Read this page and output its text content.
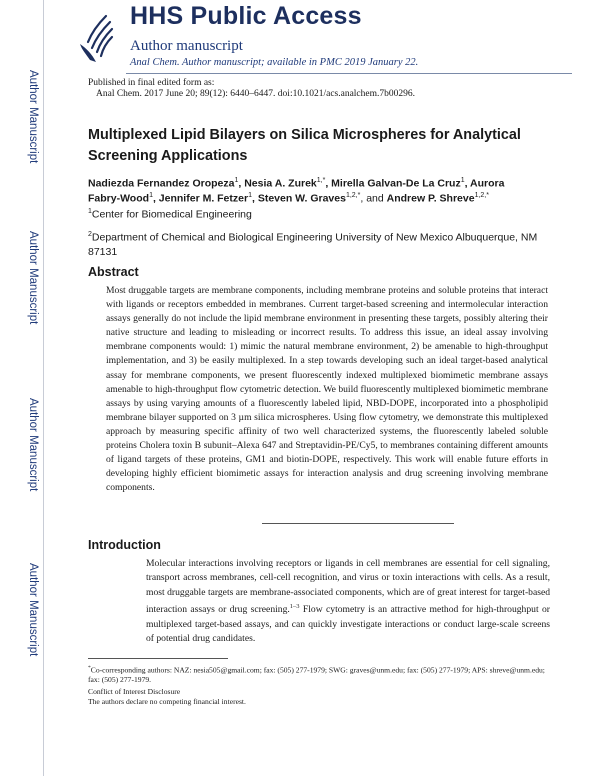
Author Manuscript
Author Manuscript
Author Manuscript
Author Manuscript
HHS Public Access
Author manuscript
Anal Chem. Author manuscript; available in PMC 2019 January 22.
Published in final edited form as:
Anal Chem. 2017 June 20; 89(12): 6440–6447. doi:10.1021/acs.analchem.7b00296.
Multiplexed Lipid Bilayers on Silica Microspheres for Analytical Screening Applications
Nadiezda Fernandez Oropeza$^1$, Nesia A. Zurek$^{1,*}$, Mirella Galvan-De La Cruz$^1$, Aurora
Fabry-Wood$^1$, Jennifer M. Fetzer$^1$, Steven W. Graves$^{1,2,*}$, and Andrew P. Shreve$^{1,2,*}$
$^1$Center for Biomedical Engineering
$^2$Department of Chemical and Biological Engineering University of New Mexico Albuquerque, NM 87131
Abstract
Most druggable targets are membrane components, including membrane proteins and soluble proteins that interact with ligands or receptors embedded in membranes. Current target-based screening and intermolecular interaction assays generally do not include the lipid membrane environment in presenting these targets, possibly altering their native structure and leading to misleading or incorrect results. To address this issue, an ideal assay involving membrane components would: 1) mimic the natural membrane environment, 2) be amenable to high-throughput implementation, and 3) be easily multiplexed. In a step towards developing such an ideal target-based analytical assay for membrane components, we present fluorescently indexed multiplexed biomimetic membrane assays amenable to high-throughput flow cytometric detection. We build fluorescently multiplexed biomimetic membrane assays by using varying amounts of a fluorescently labeled lipid, NBD-DOPE, incorporated into a phospholipid membrane bilayer supported on 3 µm silica microspheres. Using flow cytometry, we demonstrate this multiplexed approach by measuring specific affinity of two well characterized systems, the fluorescently labeled soluble proteins Cholera toxin B subunit–Alexa 647 and Streptavidin-PE/Cy5, to membranes containing different amounts of ligand targets of these proteins, GM1 and biotin-DOPE, respectively. This work will enable future efforts in developing highly efficient biomimetic assays for interaction analysis and drug screening involving membrane components.
Introduction
Molecular interactions involving receptors or ligands in cell membranes are essential for cell signaling, transport across membranes, cell-cell recognition, and virus or toxin interactions with cells. As a result, most druggable targets are membrane-associated components, which are of great interest for target-based interaction assays or drug screening.$^{1-3}$ Flow cytometry is an attractive method for high-throughput or multiplexed target-based assays, and can quickly investigate interactions or conduct large-scale screens of potential drug candidates.
*Co-corresponding authors: NAZ: nesia505@gmail.com; fax: (505) 277-1979; SWG: graves@unm.edu; fax: (505) 277-1979; APS: shreve@unm.edu; fax: (505) 277-1979.
Conflict of Interest Disclosure
The authors declare no competing financial interest.
